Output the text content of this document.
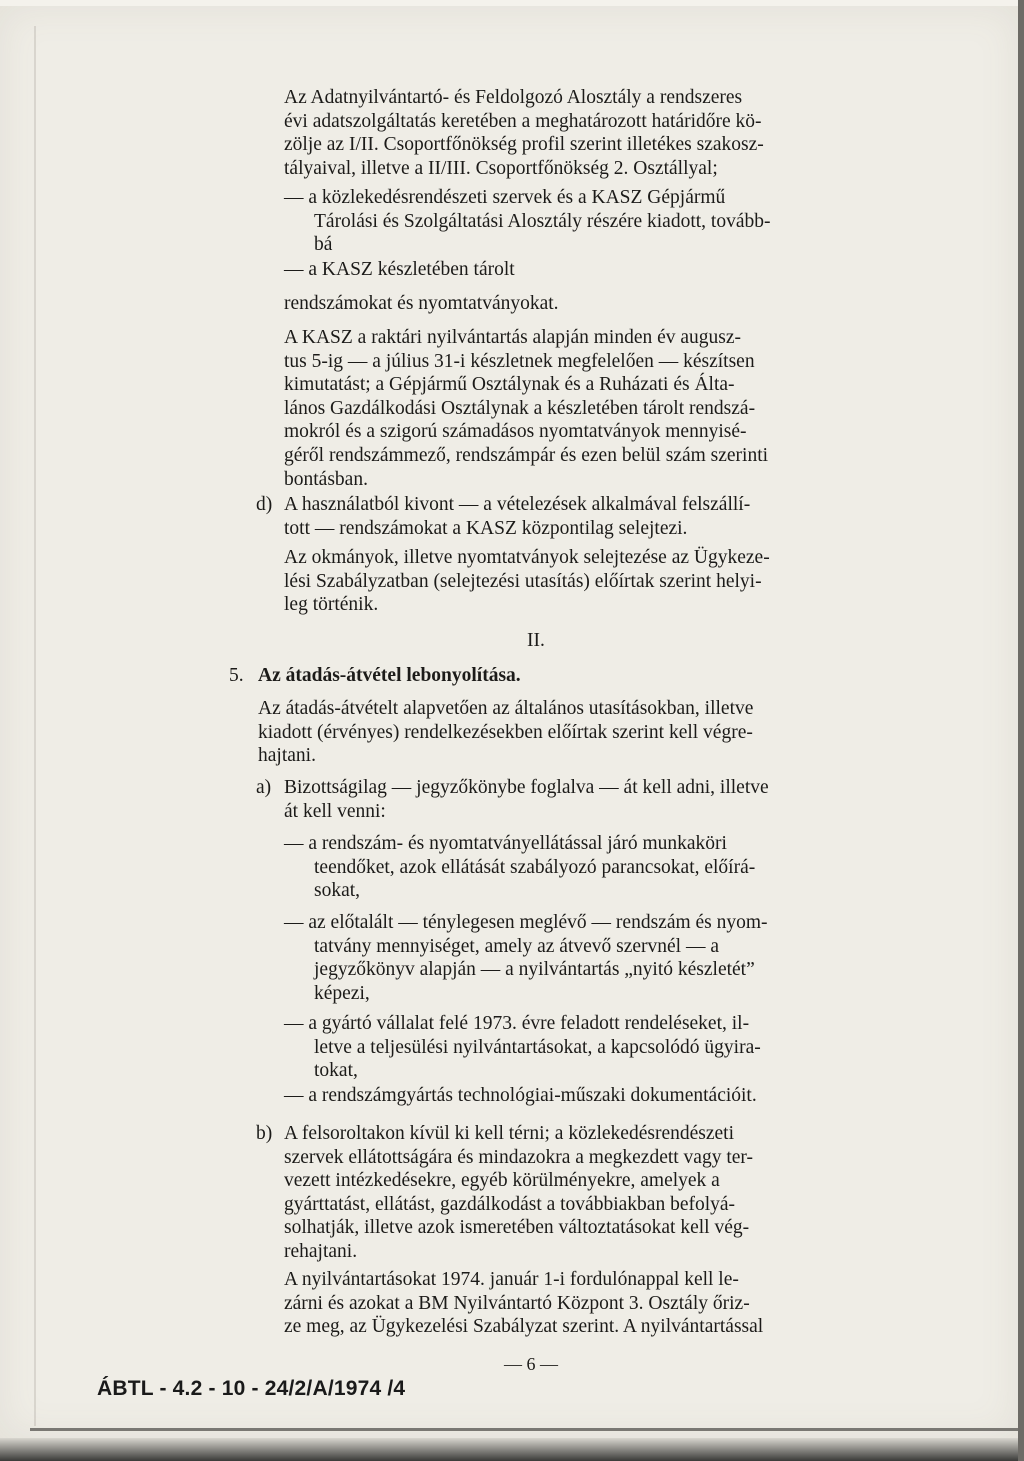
Az Adatnyilvántartó- és Feldolgozó Alosztály a rendszeres
évi adatszolgáltatás keretében a meghatározott határidőre kö-
zölje az I/II. Csoportfőnökség profil szerint illetékes szakosz-
tályaival, illetve a II/III. Csoportfőnökség 2. Osztállyal;
— a közlekedésrendészeti szervek és a KASZ Gépjármű
Tárolási és Szolgáltatási Alosztály részére kiadott, tovább-
bá
— a KASZ készletében tárolt
rendszámokat és nyomtatványokat.
A KASZ a raktári nyilvántartás alapján minden év augusz-
tus 5-ig — a július 31-i készletnek megfelelően — készítsen
kimutatást; a Gépjármű Osztálynak és a Ruházati és Álta-
lános Gazdálkodási Osztálynak a készletében tárolt rendszá-
mokról és a szigorú számadásos nyomtatványok mennyisé-
géről rendszámmező, rendszámpár és ezen belül szám szerinti
bontásban.
d) A használatból kivont — a vételezések alkalmával felszállí-
tott — rendszámokat a KASZ központilag selejtezi.
Az okmányok, illetve nyomtatványok selejtezése az Ügykeze-
lési Szabályzatban (selejtezési utasítás) előírtak szerint helyi-
leg történik.
II.
5. Az átadás-átvétel lebonyolítása.
Az átadás-átvételt alapvetően az általános utasításokban, illetve
kiadott (érvényes) rendelkezésekben előírtak szerint kell végre-
hajtani.
a) Bizottságilag — jegyzőkönybe foglalva — át kell adni, illetve
át kell venni:
— a rendszám- és nyomtatványellátással járó munkaköri
teendőket, azok ellátását szabályozó parancsokat, előírá-
sokat,
— az előtalált — ténylegesen meglévő — rendszám és nyom-
tatvány mennyiséget, amely az átvevő szervnél — a
jegyzőkönyv alapján — a nyilvántartás „nyitó készletét”
képezi,
— a gyártó vállalat felé 1973. évre feladott rendeléseket, il-
letve a teljesülési nyilvántartásokat, a kapcsolódó ügyira-
tokat,
— a rendszámgyártás technológiai-műszaki dokumentációit.
b) A felsoroltakon kívül ki kell térni; a közlekedésrendészeti
szervek ellátottságára és mindazokra a megkezdett vagy ter-
vezett intézkedésekre, egyéb körülményekre, amelyek a
gyárttatást, ellátást, gazdálkodást a továbbiakban befolyá-
solhatják, illetve azok ismeretében változtatásokat kell vég-
rehajtani.
A nyilvántartásokat 1974. január 1-i fordulónappal kell le-
zárni és azokat a BM Nyilvántartó Központ 3. Osztály őriz-
ze meg, az Ügykezelési Szabályzat szerint. A nyilvántartással
— 6 —
ÁBTL - 4.2 - 10 - 24/2/A/1974 /4
